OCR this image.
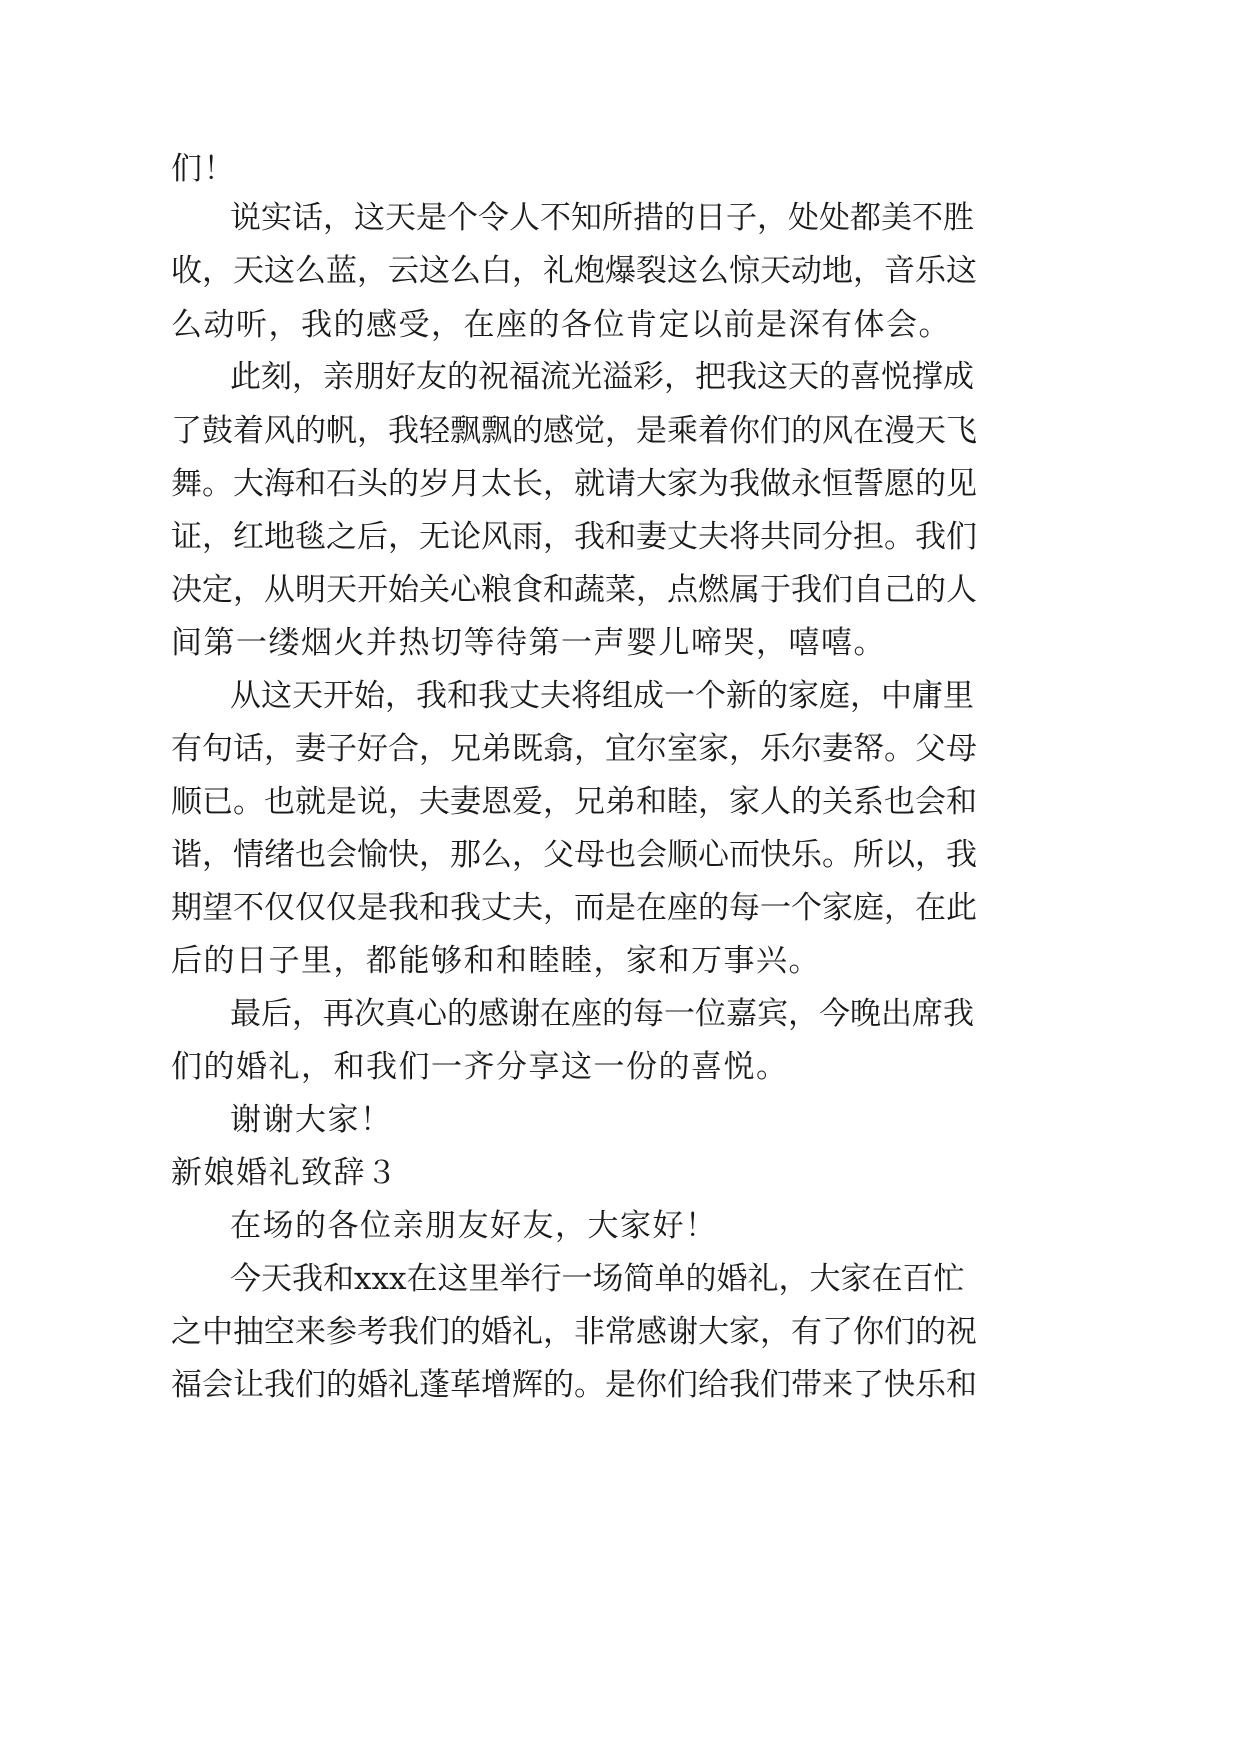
们！

说 实 话 ， 这 天 是 个 令 人 不 知 所 措 的 日 子 ， 处 处 都 美 不 胜

收 ， 天 这 么 蓝 ， 云 这 么 白 ， 礼 炮 爆 裂 这 么 惊 天 动 地 ， 音 乐 这

么动听，我的感受，在座的各位肯定以前是深有体会。

此 刻 ， 亲 朋 好 友 的 祝 福 流 光 溢 彩 ， 把 我 这 天 的 喜 悦 撑 成

了 鼓 着 风 的 帆 ， 我 轻 飘 飘 的 感 觉 ， 是 乘 着 你 们 的 风 在 漫 天 飞

舞 。 大 海 和 石 头 的 岁 月 太 长 ， 就 请 大 家 为 我 做 永 恒 誓 愿 的 见

证 ， 红 地 毯 之 后 ， 无 论 风 雨 ， 我 和 妻 丈 夫 将 共 同 分 担 。 我 们

决 定 ， 从 明 天 开 始 关 心 粮 食 和 蔬 菜 ， 点 燃 属 于 我 们 自 己 的 人

间第一缕烟火并热切等待第一声婴儿啼哭，嘻嘻。

从 这 天 开 始 ， 我 和 我 丈 夫 将 组 成 一 个 新 的 家 庭 ， 中 庸 里

有 句 话 ， 妻 子 好 合 ， 兄 弟 既 翕 ， 宜 尔 室 家 ， 乐 尔 妻 帑 。 父 母

顺 已 。 也 就 是 说 ， 夫 妻 恩 爱 ， 兄 弟 和 睦 ， 家 人 的 关 系 也 会 和

谐 ， 情 绪 也 会 愉 快 ， 那 么 ， 父 母 也 会 顺 心 而 快 乐 。 所 以 ， 我

期 望 不 仅 仅 仅 是 我 和 我 丈 夫 ， 而 是 在 座 的 每 一 个 家 庭 ， 在 此

后的日子里，都能够和和睦睦，家和万事兴。

最 后 ， 再 次 真 心 的 感 谢 在 座 的 每 一 位 嘉 宾 ， 今 晚 出 席 我

们的婚礼，和我们一齐分享这一份的喜悦。

谢谢大家！

新娘婚礼致辞３

在场的各位亲朋友好友，大家好！

今 天 我 和 xxx 在 这 里 举 行 一 场 简 单 的 婚 礼 ， 大 家 在 百 忙

之 中 抽 空 来 参 考 我 们 的 婚 礼 ， 非 常 感 谢 大 家 ， 有 了 你 们 的 祝

福 会 让 我 们 的 婚 礼 蓬 荜 增 辉 的 。 是 你 们 给 我 们 带 来 了 快 乐 和
